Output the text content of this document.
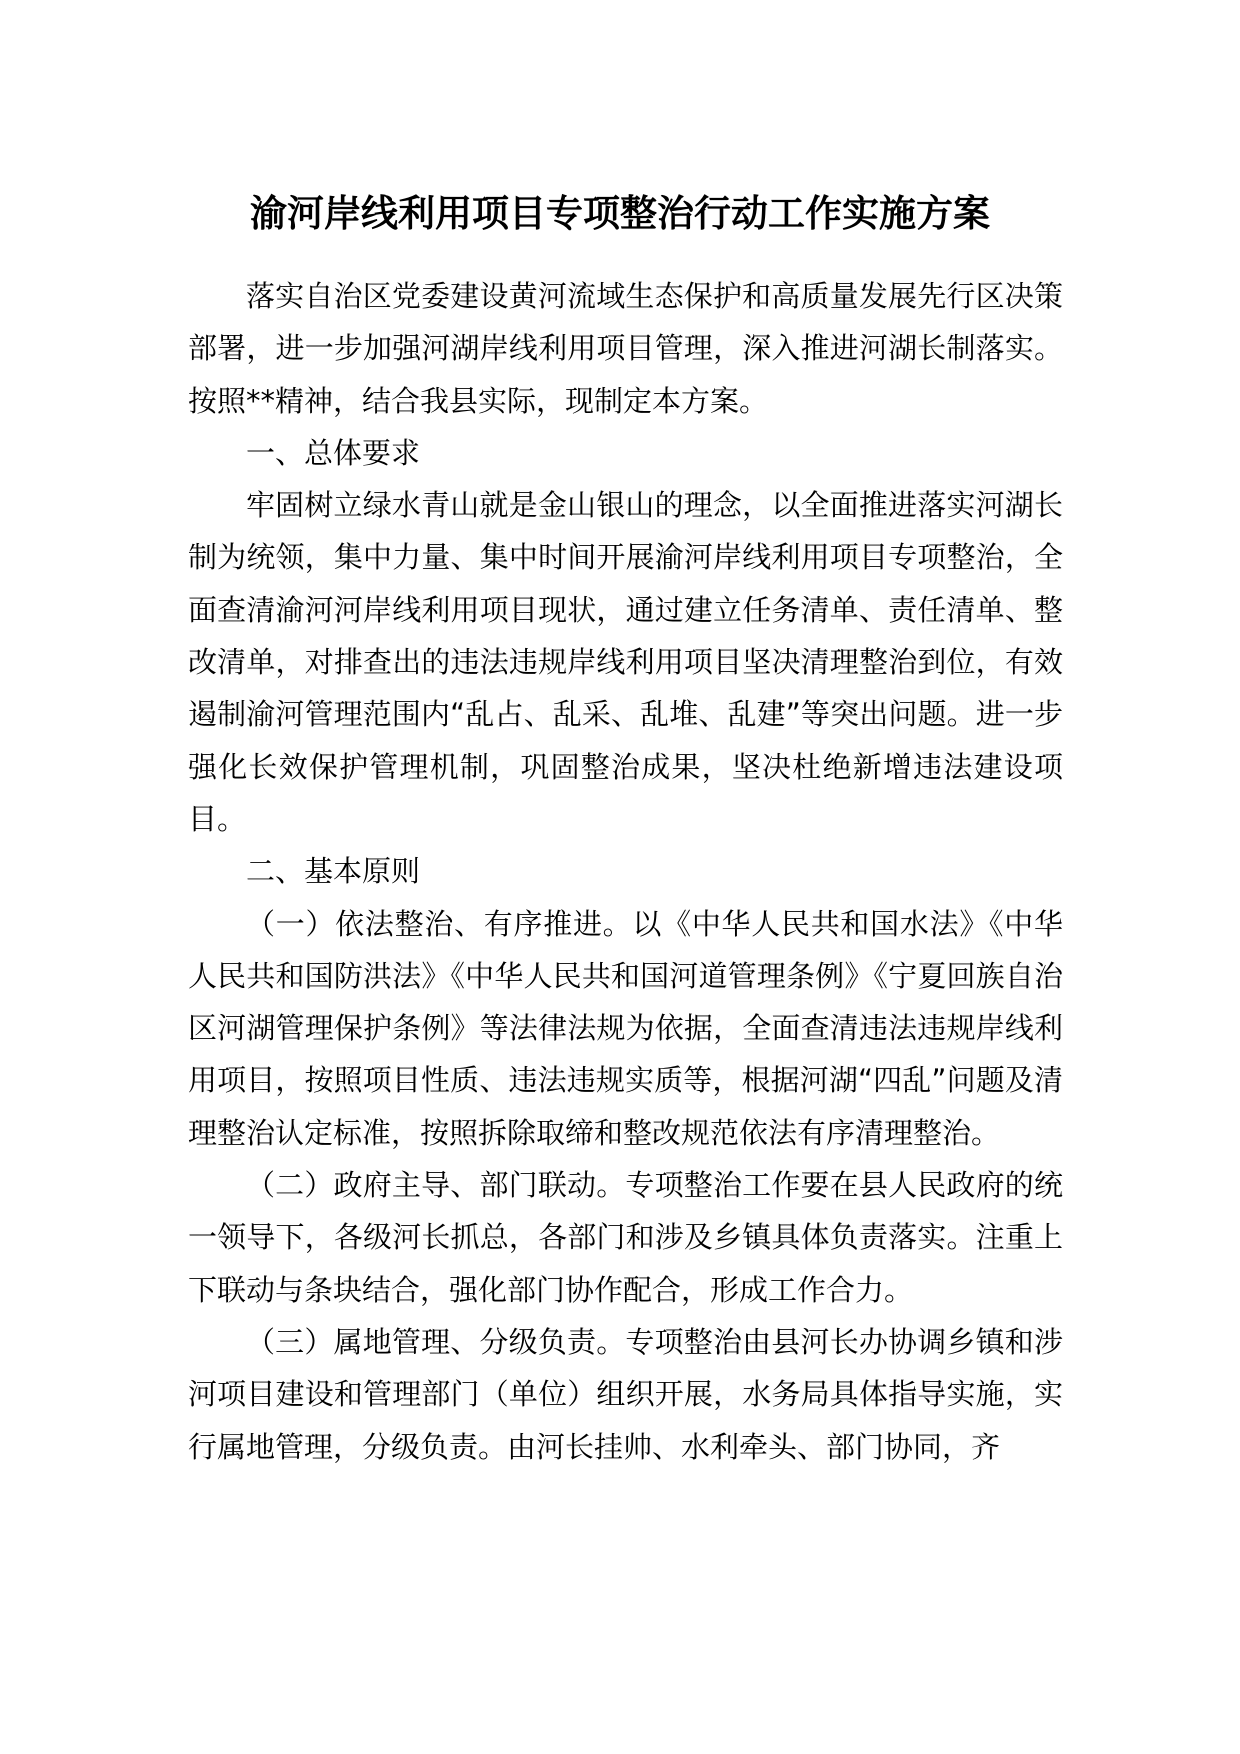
渝河岸线利用项目专项整治行动工作实施方案

落实自治区党委建设黄河流域生态保护和高质量发展先行区决策部署，进一步加强河湖岸线利用项目管理，深入推进河湖长制落实。按照**精神，结合我县实际，现制定本方案。

一、总体要求

牢固树立绿水青山就是金山银山的理念，以全面推进落实河湖长制为统领，集中力量、集中时间开展渝河岸线利用项目专项整治，全面查清渝河河岸线利用项目现状，通过建立任务清单、责任清单、整改清单，对排查出的违法违规岸线利用项目坚决清理整治到位，有效遏制渝河管理范围内“乱占、乱采、乱堆、乱建”等突出问题。进一步强化长效保护管理机制，巩固整治成果，坚决杜绝新增违法建设项目。

二、基本原则

（一）依法整治、有序推进。以《中华人民共和国水法》《中华人民共和国防洪法》《中华人民共和国河道管理条例》《宁夏回族自治区河湖管理保护条例》等法律法规为依据，全面查清违法违规岸线利用项目，按照项目性质、违法违规实质等，根据河湖“四乱”问题及清理整治认定标准，按照拆除取缔和整改规范依法有序清理整治。

（二）政府主导、部门联动。专项整治工作要在县人民政府的统一领导下，各级河长抓总，各部门和涉及乡镇具体负责落实。注重上下联动与条块结合，强化部门协作配合，形成工作合力。

（三）属地管理、分级负责。专项整治由县河长办协调乡镇和涉河项目建设和管理部门（单位）组织开展，水务局具体指导实施，实行属地管理，分级负责。由河长挂帅、水利牵头、部门协同，齐
